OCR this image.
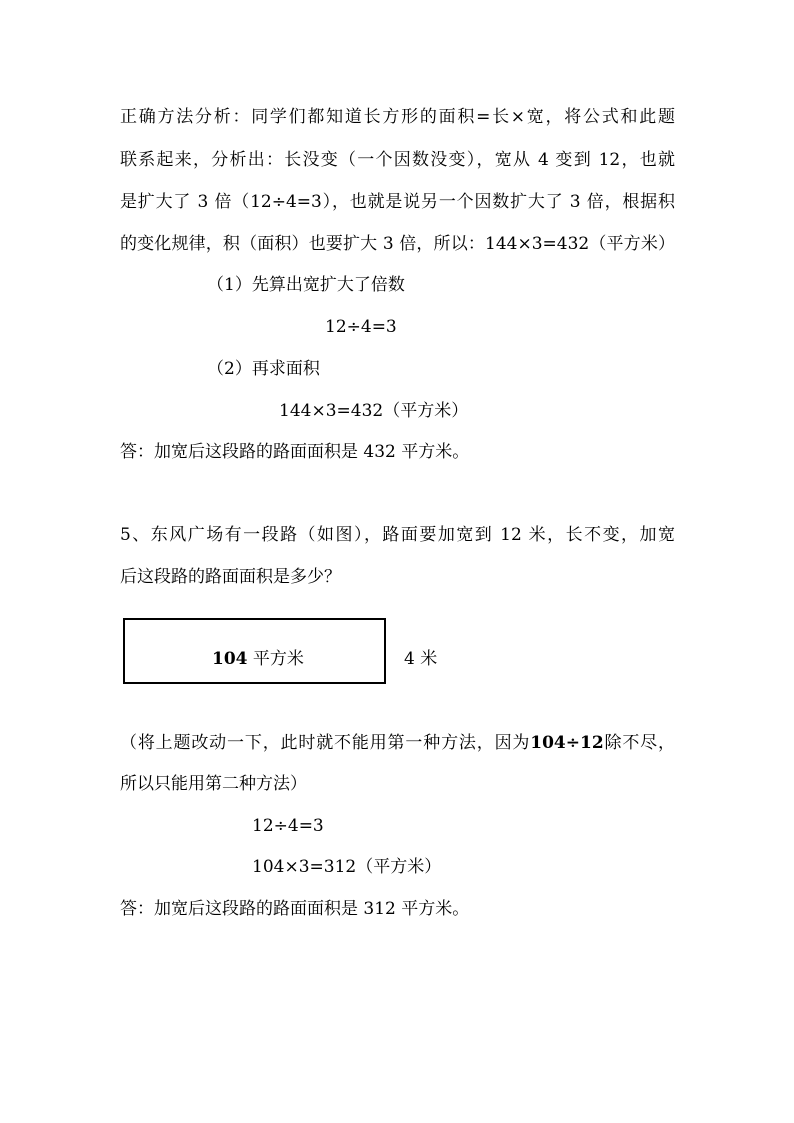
正确方法分析：同学们都知道长方形的面积=长×宽，将公式和此题
联系起来，分析出：长没变（一个因数没变），宽从 4 变到 12，也就
是扩大了 3 倍（12÷4=3），也就是说另一个因数扩大了 3 倍，根据积
的变化规律，积（面积）也要扩大 3 倍，所以：144×3=432（平方米）
（1）先算出宽扩大了倍数
12÷4=3
（2）再求面积
144×3=432（平方米）
答：加宽后这段路的路面面积是 432 平方米。
5、东风广场有一段路（如图），路面要加宽到 12 米，长不变，加宽
后这段路的路面面积是多少？
104 平方米	4 米
（将上题改动一下，此时就不能用第一种方法，因为104÷12除不尽，
所以只能用第二种方法）
12÷4=3
104×3=312（平方米）
答：加宽后这段路的路面面积是 312 平方米。
